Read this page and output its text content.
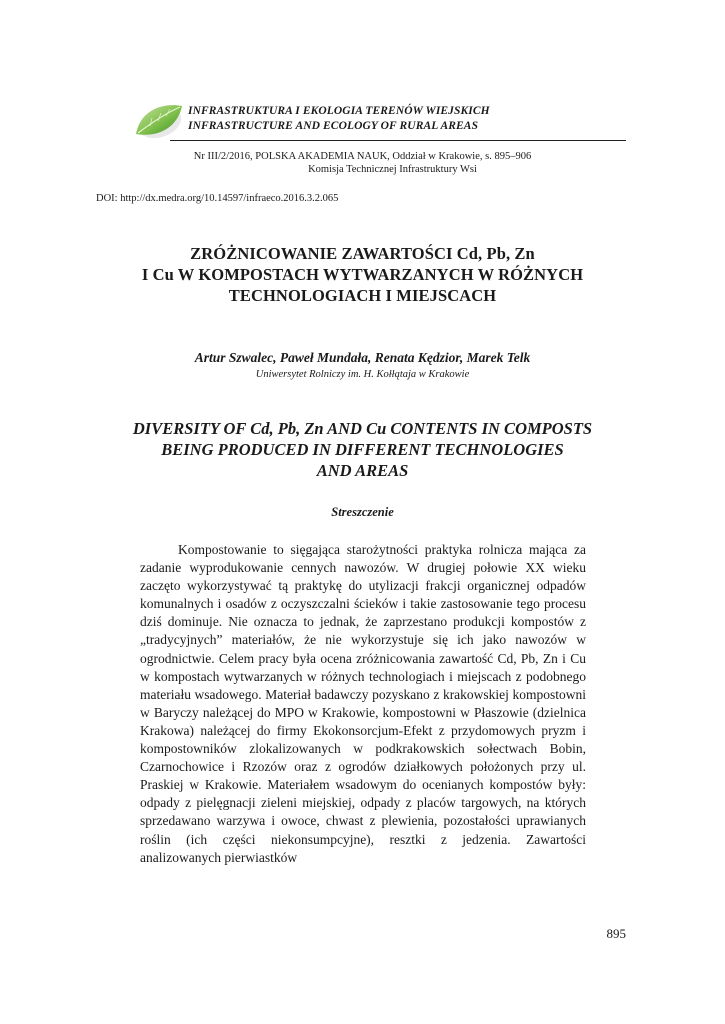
INFRASTRUKTURA I EKOLOGIA TERENÓW WIEJSKICH
INFRASTRUCTURE AND ECOLOGY OF RURAL AREAS
Nr III/2/2016, POLSKA AKADEMIA NAUK, Oddział w Krakowie, s. 895–906
Komisja Technicznej Infrastruktury Wsi
DOI: http://dx.medra.org/10.14597/infraeco.2016.3.2.065
ZRÓŻNICOWANIE ZAWARTOŚCI Cd, Pb, Zn
I Cu W KOMPOSTACH WYTWARZANYCH W RÓŻNYCH
TECHNOLOGIACH I MIEJSCACH
Artur Szwalec, Paweł Mundała, Renata Kędzior, Marek Telk
Uniwersytet Rolniczy im. H. Kołłątaja w Krakowie
DIVERSITY OF Cd, Pb, Zn AND Cu CONTENTS IN COMPOSTS
BEING PRODUCED IN DIFFERENT TECHNOLOGIES
AND AREAS
Streszczenie

Kompostowanie to sięgająca starożytności praktyka rolnicza mająca za zadanie wyprodukowanie cennych nawozów. W drugiej połowie XX wieku zaczęto wykorzystywać tą praktykę do utylizacji frakcji organicznej odpadów komunalnych i osadów z oczyszczalni ścieków i takie zastosowanie tego procesu dziś dominuje. Nie oznacza to jednak, że zaprzestano produkcji kompostów z „tradycyjnych” materiałów, że nie wykorzystuje się ich jako nawozów w ogrodnictwie. Celem pracy była ocena zróżnicowania zawartość Cd, Pb, Zn i Cu w kompostach wytwarzanych w różnych technologiach i miejscach z podobnego materiału wsadowego. Materiał badawczy pozyskano z krakowskiej kompostowni w Baryczy należącej do MPO w Krakowie, kompostowni w Płaszowie (dzielnica Krakowa) należącej do firmy Ekokonsorcjum-Efekt z przydomowych pryzm i kompostowników zlokalizowanych w podkrakowskich sołectwach Bobin, Czarnochowice i Rzozów oraz z ogrodów działkowych położonych przy ul. Praskiej w Krakowie. Materiałem wsadowym do ocenianych kompostów były: odpady z pielęgnacji zieleni miejskiej, odpady z placów targowych, na których sprzedawano warzywa i owoce, chwast z plewienia, pozostałości uprawianych roślin (ich części niekonsumpcyjne), resztki z jedzenia. Zawartości analizowanych pierwiastków

895
